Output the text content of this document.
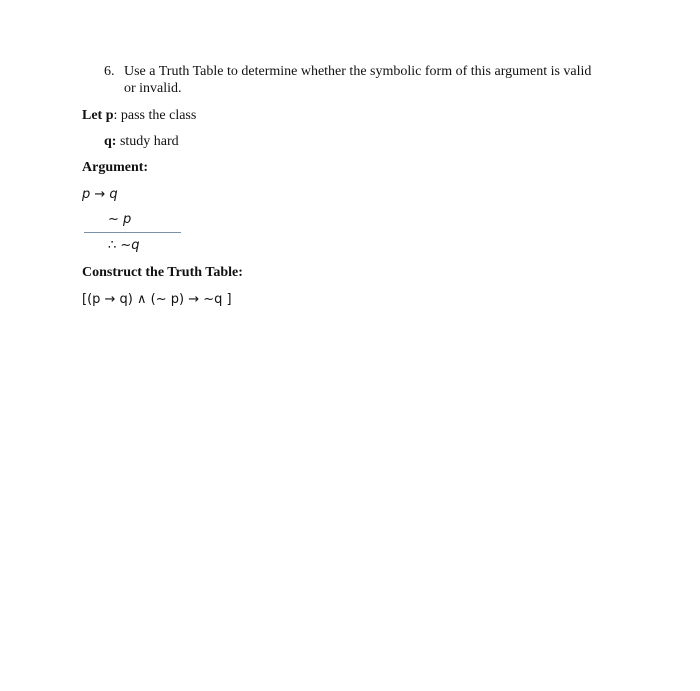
6. Use a Truth Table to determine whether the symbolic form of this argument is valid
or invalid.
Let p: pass the class
q: study hard
Argument:
p → q
~ p
∴ ~q
Construct the Truth Table:
[(p → q) ∧ (~ p) → ~q ]
